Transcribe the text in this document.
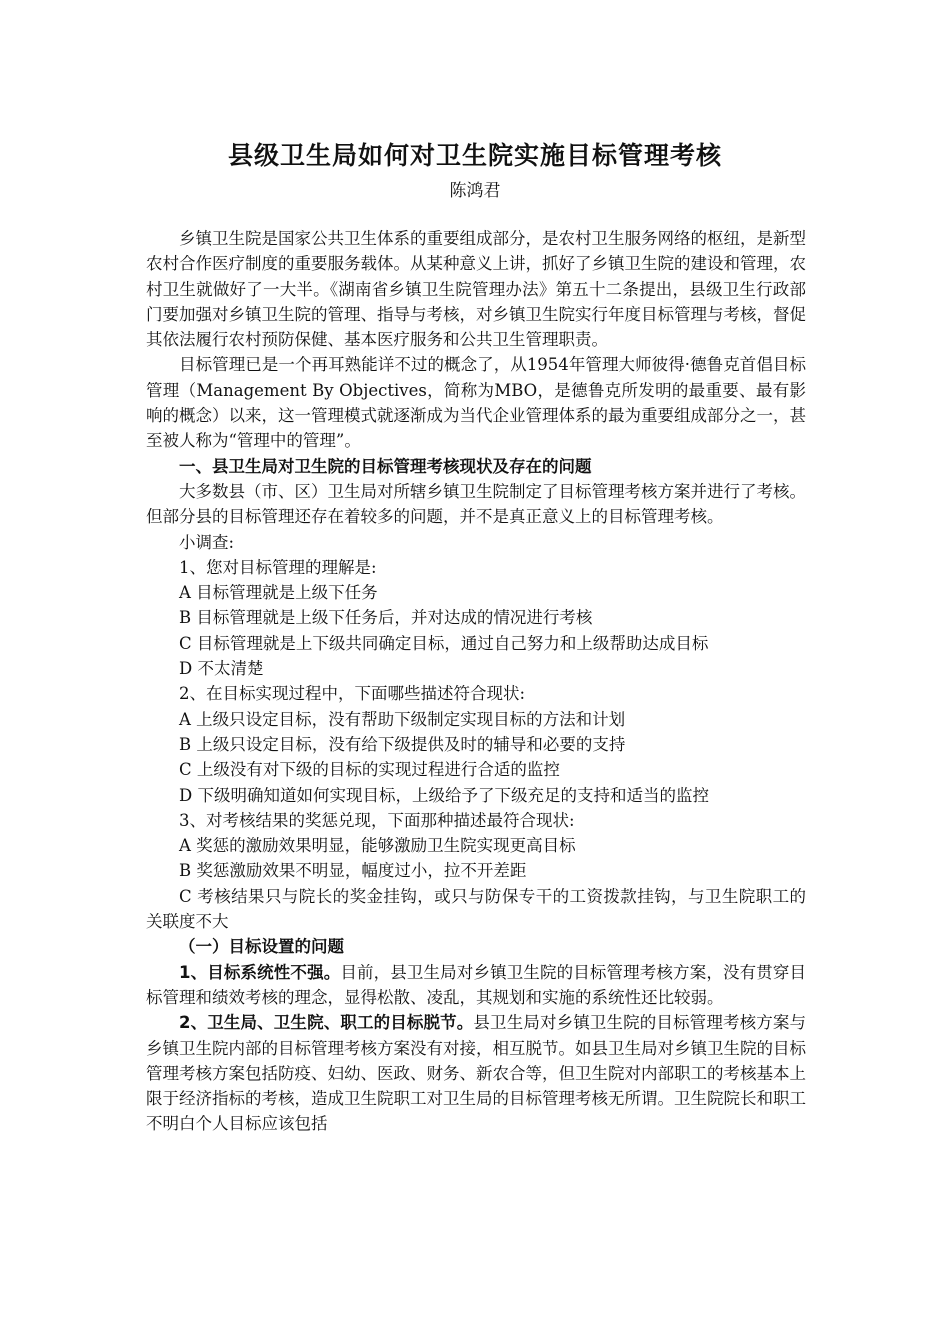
县级卫生局如何对卫生院实施目标管理考核
陈鸿君

乡镇卫生院是国家公共卫生体系的重要组成部分，是农村卫生服务网络的枢纽，是新型农村合作医疗制度的重要服务载体。从某种意义上讲，抓好了乡镇卫生院的建设和管理，农村卫生就做好了一大半。《湖南省乡镇卫生院管理办法》第五十二条提出，县级卫生行政部门要加强对乡镇卫生院的管理、指导与考核，对乡镇卫生院实行年度目标管理与考核，督促其依法履行农村预防保健、基本医疗服务和公共卫生管理职责。

目标管理已是一个再耳熟能详不过的概念了，从1954年管理大师彼得·德鲁克首倡目标管理（Management By Objectives，简称为MBO，是德鲁克所发明的最重要、最有影响的概念）以来，这一管理模式就逐渐成为当代企业管理体系的最为重要组成部分之一，甚至被人称为“管理中的管理”。

一、县卫生局对卫生院的目标管理考核现状及存在的问题

大多数县（市、区）卫生局对所辖乡镇卫生院制定了目标管理考核方案并进行了考核。但部分县的目标管理还存在着较多的问题，并不是真正意义上的目标管理考核。

小调查:

1、您对目标管理的理解是:

A 目标管理就是上级下任务

B 目标管理就是上级下任务后，并对达成的情况进行考核

C 目标管理就是上下级共同确定目标，通过自己努力和上级帮助达成目标

D 不太清楚

2、在目标实现过程中，下面哪些描述符合现状:

A 上级只设定目标，没有帮助下级制定实现目标的方法和计划

B 上级只设定目标，没有给下级提供及时的辅导和必要的支持

C 上级没有对下级的目标的实现过程进行合适的监控

D 下级明确知道如何实现目标，上级给予了下级充足的支持和适当的监控

3、对考核结果的奖惩兑现，下面那种描述最符合现状:

A 奖惩的激励效果明显，能够激励卫生院实现更高目标

B 奖惩激励效果不明显，幅度过小，拉不开差距

C 考核结果只与院长的奖金挂钩，或只与防保专干的工资拨款挂钩，与卫生院职工的关联度不大

（一）目标设置的问题

1、目标系统性不强。目前，县卫生局对乡镇卫生院的目标管理考核方案，没有贯穿目标管理和绩效考核的理念，显得松散、凌乱，其规划和实施的系统性还比较弱。

2、卫生局、卫生院、职工的目标脱节。县卫生局对乡镇卫生院的目标管理考核方案与乡镇卫生院内部的目标管理考核方案没有对接，相互脱节。如县卫生局对乡镇卫生院的目标管理考核方案包括防疫、妇幼、医政、财务、新农合等，但卫生院对内部职工的考核基本上限于经济指标的考核，造成卫生院职工对卫生局的目标管理考核无所谓。卫生院院长和职工不明白个人目标应该包括
